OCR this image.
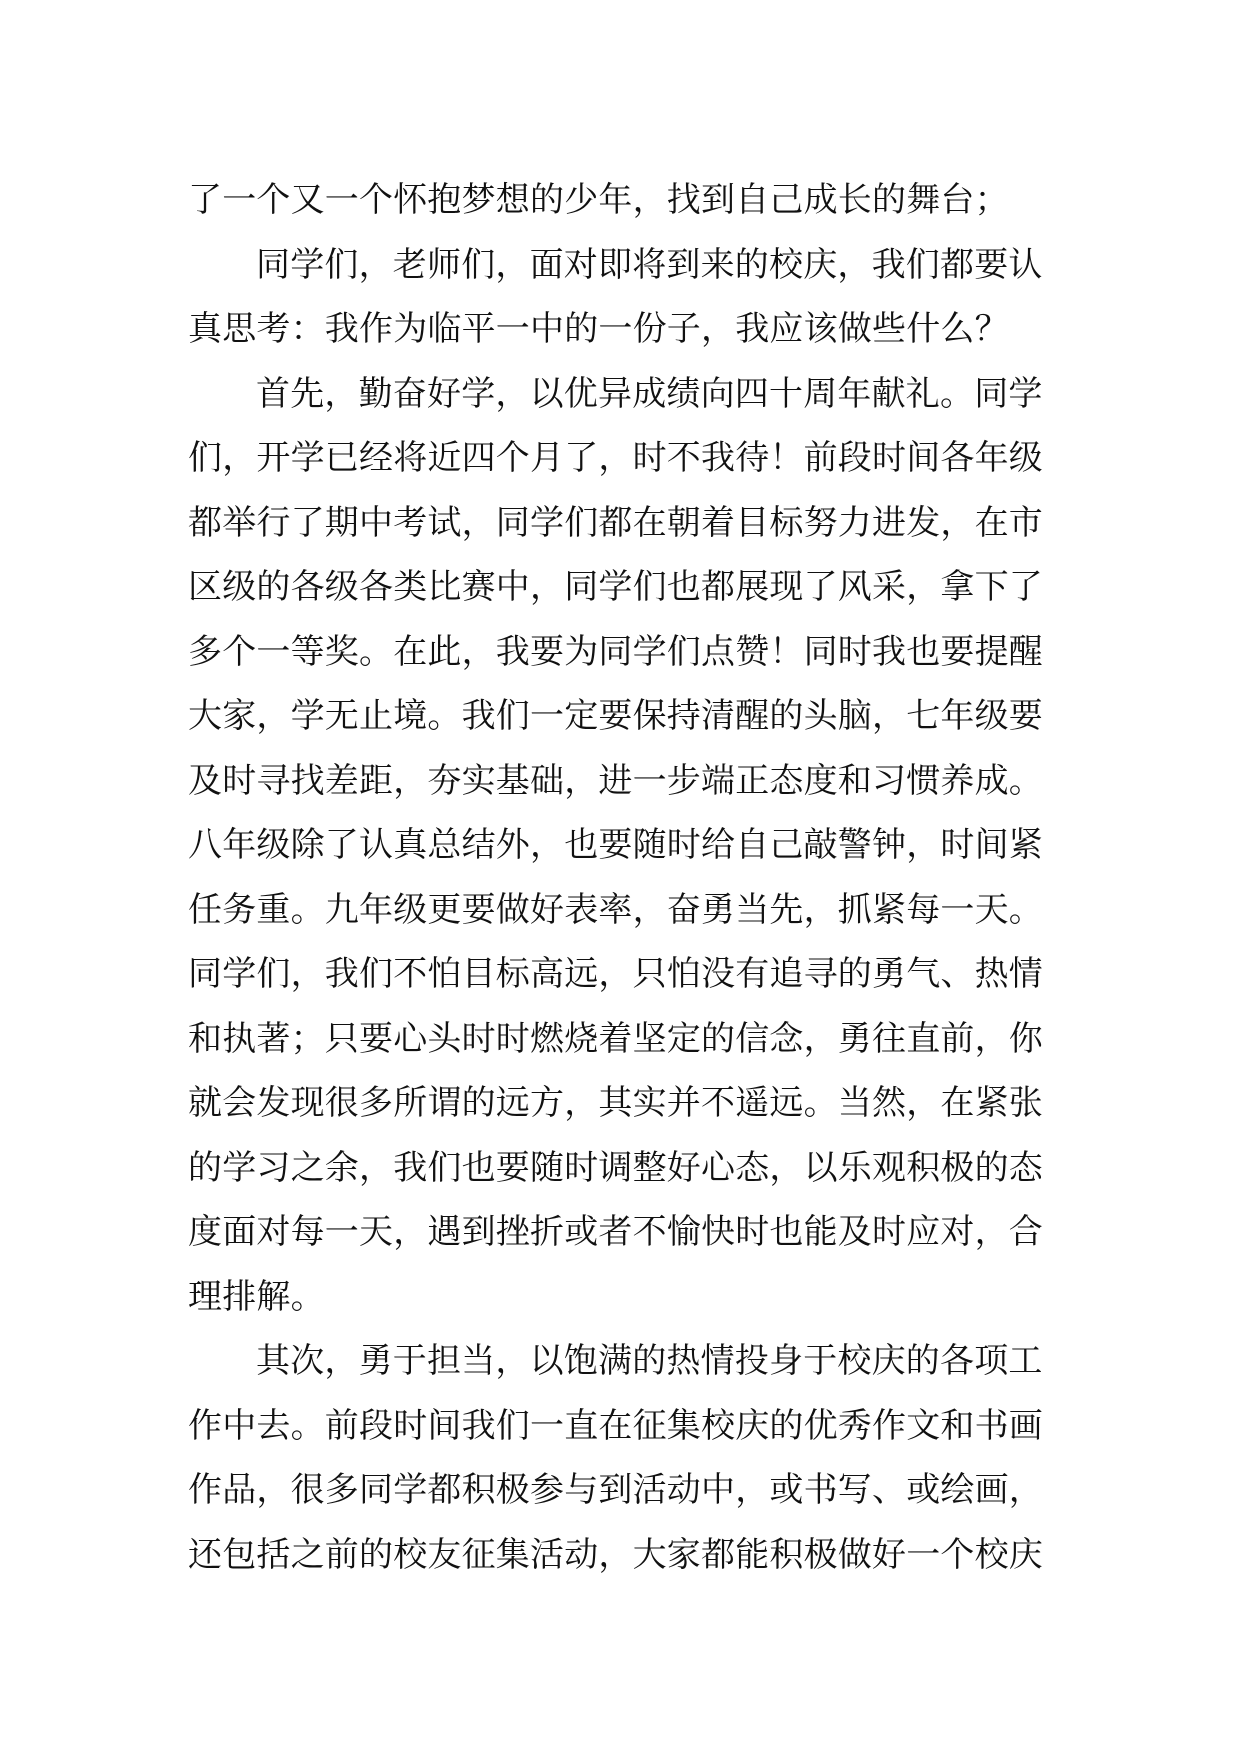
了一个又一个怀抱梦想的少年，找到自己成长的舞台；
同学们，老师们，面对即将到来的校庆，我们都要认
真思考：我作为临平一中的一份子，我应该做些什么？
首先，勤奋好学，以优异成绩向四十周年献礼。同学
们，开学已经将近四个月了，时不我待！前段时间各年级
都举行了期中考试，同学们都在朝着目标努力进发，在市
区级的各级各类比赛中，同学们也都展现了风采，拿下了
多个一等奖。在此，我要为同学们点赞！同时我也要提醒
大家，学无止境。我们一定要保持清醒的头脑，七年级要
及时寻找差距，夯实基础，进一步端正态度和习惯养成。
八年级除了认真总结外，也要随时给自己敲警钟，时间紧
任务重。九年级更要做好表率，奋勇当先，抓紧每一天。
同学们，我们不怕目标高远，只怕没有追寻的勇气、热情
和执著；只要心头时时燃烧着坚定的信念，勇往直前，你
就会发现很多所谓的远方，其实并不遥远。当然，在紧张
的学习之余，我们也要随时调整好心态，以乐观积极的态
度面对每一天，遇到挫折或者不愉快时也能及时应对，合
理排解。
其次，勇于担当，以饱满的热情投身于校庆的各项工
作中去。前段时间我们一直在征集校庆的优秀作文和书画
作品，很多同学都积极参与到活动中，或书写、或绘画，
还包括之前的校友征集活动，大家都能积极做好一个校庆
